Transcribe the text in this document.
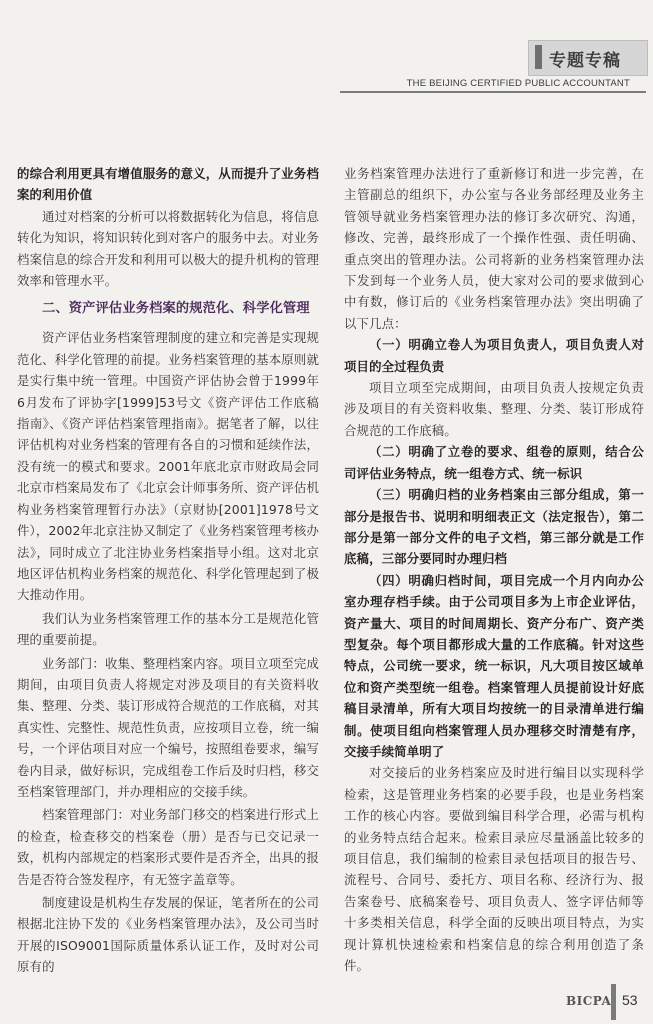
专题专稿
THE BEIJING CERTIFIED PUBLIC ACCOUNTANT

的综合利用更具有增值服务的意义，从而提升了业务档案的利用价值

通过对档案的分析可以将数据转化为信息，将信息转化为知识，将知识转化到对客户的服务中去。对业务档案信息的综合开发和利用可以极大的提升机构的管理效率和管理水平。

二、资产评估业务档案的规范化、科学化管理

资产评估业务档案管理制度的建立和完善是实现规范化、科学化管理的前提。业务档案管理的基本原则就是实行集中统一管理。中国资产评估协会曾于1999年6月发布了评协字[1999]53号文《资产评估工作底稿指南》、《资产评估档案管理指南》。据笔者了解，以往评估机构对业务档案的管理有各自的习惯和延续作法，没有统一的模式和要求。2001年底北京市财政局会同北京市档案局发布了《北京会计师事务所、资产评估机构业务档案管理暂行办法》（京财协[2001]1978号文件），2002年北京注协又制定了《业务档案管理考核办法》，同时成立了北注协业务档案指导小组。这对北京地区评估机构业务档案的规范化、科学化管理起到了极大推动作用。

我们认为业务档案管理工作的基本分工是规范化管理的重要前提。

业务部门：收集、整理档案内容。项目立项至完成期间，由项目负责人将规定对涉及项目的有关资料收集、整理、分类、装订形成符合规范的工作底稿，对其真实性、完整性、规范性负责，应按项目立卷，统一编号，一个评估项目对应一个编号，按照组卷要求，编写卷内目录，做好标识，完成组卷工作后及时归档，移交至档案管理部门，并办理相应的交接手续。

档案管理部门：对业务部门移交的档案进行形式上的检查，检查移交的档案卷（册）是否与已交记录一致，机构内部规定的档案形式要件是否齐全，出具的报告是否符合签发程序，有无签字盖章等。

制度建设是机构生存发展的保证，笔者所在的公司根据北注协下发的《业务档案管理办法》，及公司当时开展的ISO9001国际质量体系认证工作，及时对公司原有的

业务档案管理办法进行了重新修订和进一步完善，在主管副总的组织下，办公室与各业务部经理及业务主管领导就业务档案管理办法的修订多次研究、沟通，修改、完善，最终形成了一个操作性强、责任明确、重点突出的管理办法。公司将新的业务档案管理办法下发到每一个业务人员，使大家对公司的要求做到心中有数，修订后的《业务档案管理办法》突出明确了以下几点：

（一）明确立卷人为项目负责人，项目负责人对项目的全过程负责

项目立项至完成期间，由项目负责人按规定负责涉及项目的有关资料收集、整理、分类、装订形成符合规范的工作底稿。

（二）明确了立卷的要求、组卷的原则，结合公司评估业务特点，统一组卷方式、统一标识

（三）明确归档的业务档案由三部分组成，第一部分是报告书、说明和明细表正文（法定报告），第二部分是第一部分文件的电子文档，第三部分就是工作底稿，三部分要同时办理归档

（四）明确归档时间，项目完成一个月内向办公室办理存档手续。由于公司项目多为上市企业评估，资产量大、项目的时间周期长、资产分布广、资产类型复杂。每个项目都形成大量的工作底稿。针对这些特点，公司统一要求，统一标识，凡大项目按区域单位和资产类型统一组卷。档案管理人员提前设计好底稿目录清单，所有大项目均按统一的目录清单进行编制。使项目组向档案管理人员办理移交时清楚有序，交接手续简单明了

对交接后的业务档案应及时进行编目以实现科学检索，这是管理业务档案的必要手段，也是业务档案工作的核心内容。要做到编目科学合理，必需与机构的业务特点结合起来。检索目录应尽量涵盖比较多的项目信息，我们编制的检索目录包括项目的报告号、流程号、合同号、委托方、项目名称、经济行为、报告案卷号、底稿案卷号、项目负责人、签字评估师等十多类相关信息，科学全面的反映出项目特点，为实现计算机快速检索和档案信息的综合利用创造了条件。

BICPA 53
